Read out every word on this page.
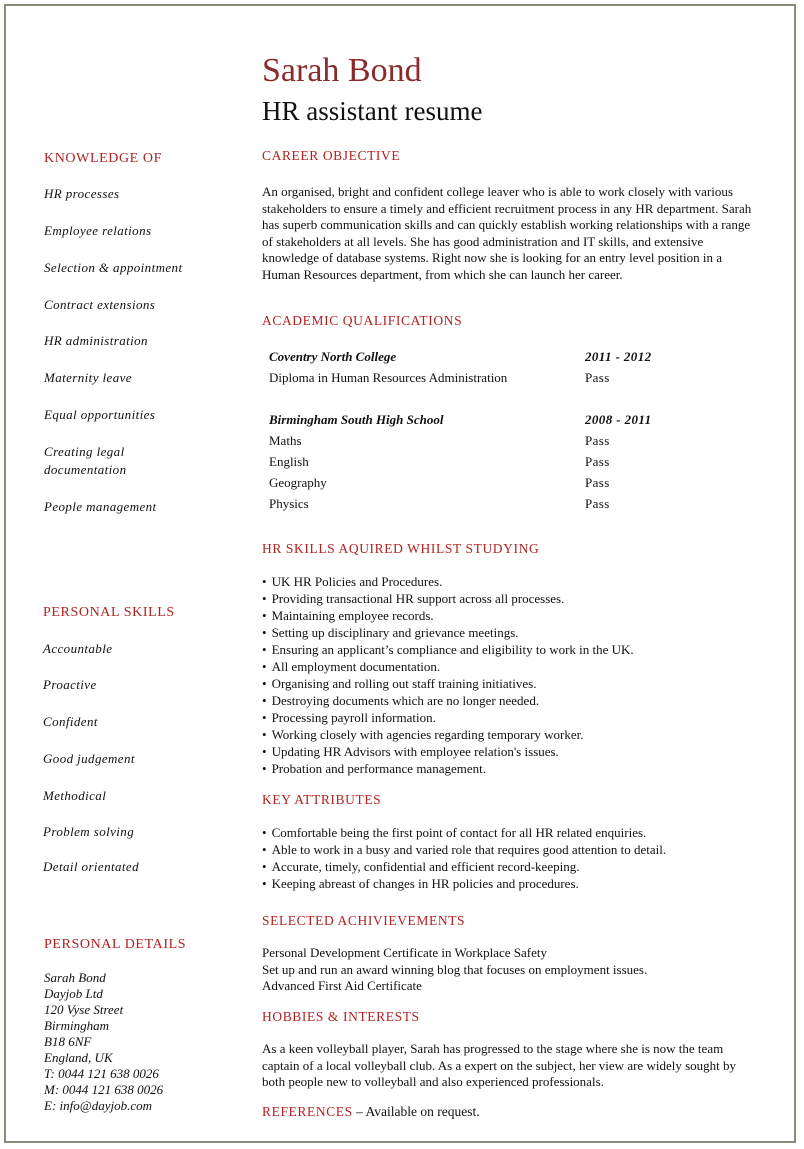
Sarah Bond
HR assistant resume
KNOWLEDGE OF
HR processes
Employee relations
Selection & appointment
Contract extensions
HR administration
Maternity leave
Equal opportunities
Creating legal documentation
People management
PERSONAL SKILLS
Accountable
Proactive
Confident
Good judgement
Methodical
Problem solving
Detail orientated
PERSONAL DETAILS
Sarah Bond
Dayjob Ltd
120 Vyse Street
Birmingham
B18 6NF
England, UK
T: 0044 121 638 0026
M: 0044 121 638 0026
E: info@dayjob.com
CAREER OBJECTIVE
An organised, bright and confident college leaver who is able to work closely with various stakeholders to ensure a timely and efficient recruitment process in any HR department. Sarah has superb communication skills and can quickly establish working relationships with a range of stakeholders at all levels. She has good administration and IT skills, and extensive knowledge of database systems. Right now she is looking for an entry level position in a Human Resources department, from which she can launch her career.
ACADEMIC QUALIFICATIONS
Coventry North College	2011 - 2012
Diploma in Human Resources Administration	Pass

Birmingham South High School	2008 - 2011
Maths	Pass
English	Pass
Geography	Pass
Physics	Pass
HR SKILLS AQUIRED WHILST STUDYING
• UK HR Policies and Procedures.
• Providing transactional HR support across all processes.
• Maintaining employee records.
• Setting up disciplinary and grievance meetings.
• Ensuring an applicant’s compliance and eligibility to work in the UK.
• All employment documentation.
• Organising and rolling out staff training initiatives.
• Destroying documents which are no longer needed.
• Processing payroll information.
• Working closely with agencies regarding temporary worker.
• Updating HR Advisors with employee relation's issues.
• Probation and performance management.
KEY ATTRIBUTES
• Comfortable being the first point of contact for all HR related enquiries.
• Able to work in a busy and varied role that requires good attention to detail.
• Accurate, timely, confidential and efficient record-keeping.
• Keeping abreast of changes in HR policies and procedures.
SELECTED ACHIVIEVEMENTS
Personal Development Certificate in Workplace Safety
Set up and run an award winning blog that focuses on employment issues.
Advanced First Aid Certificate
HOBBIES & INTERESTS
As a keen volleyball player, Sarah has progressed to the stage where she is now the team captain of a local volleyball club. As a expert on the subject, her view are widely sought by both people new to volleyball and also experienced professionals.
REFERENCES – Available on request.
